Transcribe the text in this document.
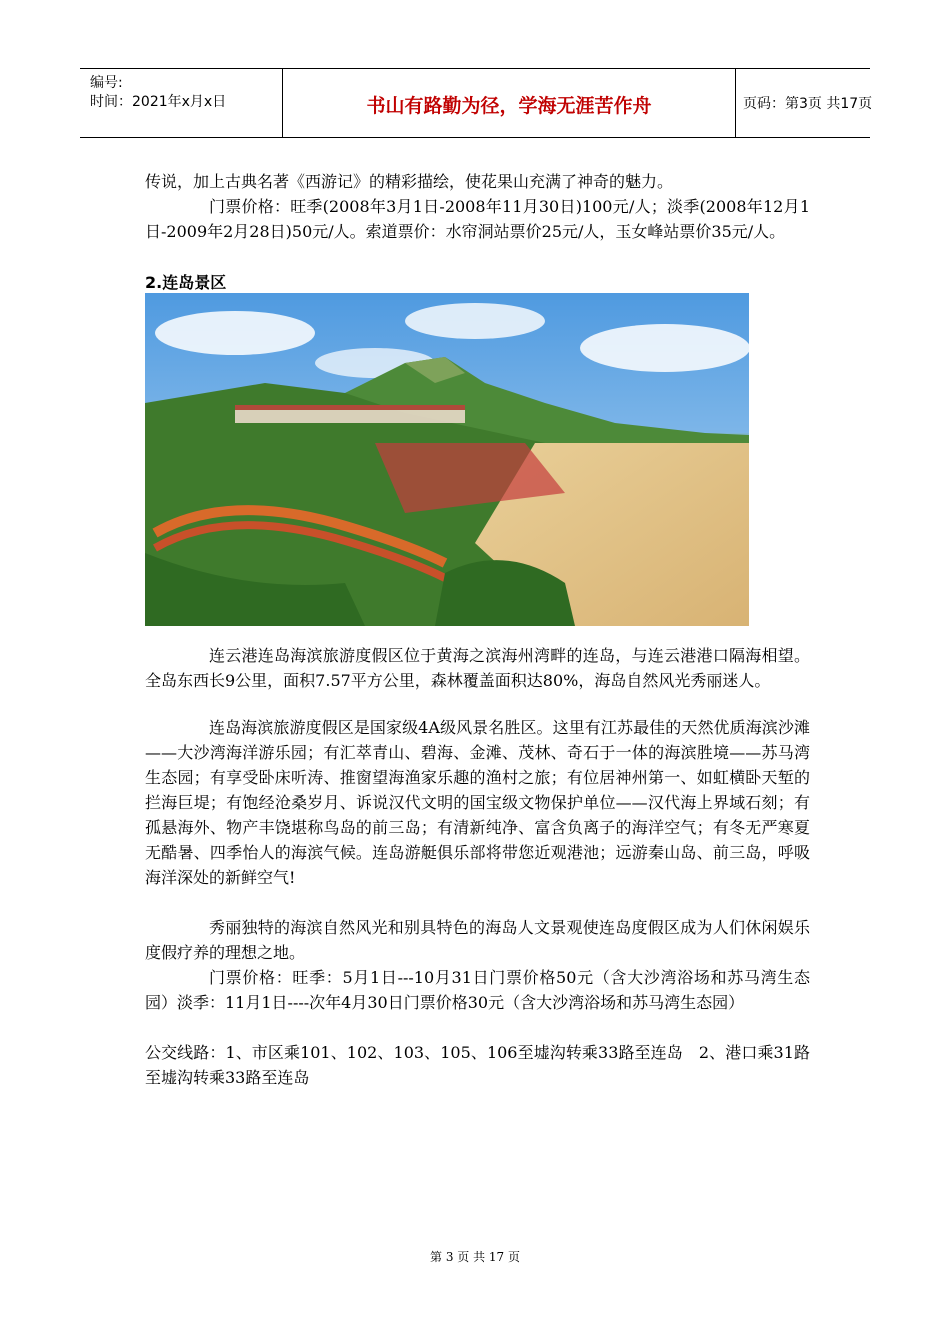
编号:
时间：2021年x月x日	书山有路勤为径，学海无涯苦作舟	页码：第3页 共17页
传说，加上古典名著《西游记》的精彩描绘，使花果山充满了神奇的魅力。
门票价格：旺季(2008年3月1日-2008年11月30日)100元/人；淡季(2008年12月1日-2009年2月28日)50元/人。索道票价：水帘洞站票价25元/人，玉女峰站票价35元/人。
2.连岛景区
连云港连岛海滨旅游度假区位于黄海之滨海州湾畔的连岛，与连云港港口隔海相望。全岛东西长9公里，面积7.57平方公里，森林覆盖面积达80%，海岛自然风光秀丽迷人。
连岛海滨旅游度假区是国家级4A级风景名胜区。这里有江苏最佳的天然优质海滨沙滩——大沙湾海洋游乐园；有汇萃青山、碧海、金滩、茂林、奇石于一体的海滨胜境——苏马湾生态园；有享受卧床听涛、推窗望海渔家乐趣的渔村之旅；有位居神州第一、如虹横卧天堑的拦海巨堤；有饱经沧桑岁月、诉说汉代文明的国宝级文物保护单位——汉代海上界域石刻；有孤悬海外、物产丰饶堪称鸟岛的前三岛；有清新纯净、富含负离子的海洋空气；有冬无严寒夏无酷暑、四季怡人的海滨气候。连岛游艇俱乐部将带您近观港池；远游秦山岛、前三岛，呼吸海洋深处的新鲜空气!
秀丽独特的海滨自然风光和别具特色的海岛人文景观使连岛度假区成为人们休闲娱乐度假疗养的理想之地。
门票价格：旺季：5月1日---10月31日门票价格50元（含大沙湾浴场和苏马湾生态园）淡季：11月1日----次年4月30日门票价格30元（含大沙湾浴场和苏马湾生态园）
公交线路：1、市区乘101、102、103、105、106至墟沟转乘33路至连岛　2、港口乘31路至墟沟转乘33路至连岛
第 3 页 共 17 页
